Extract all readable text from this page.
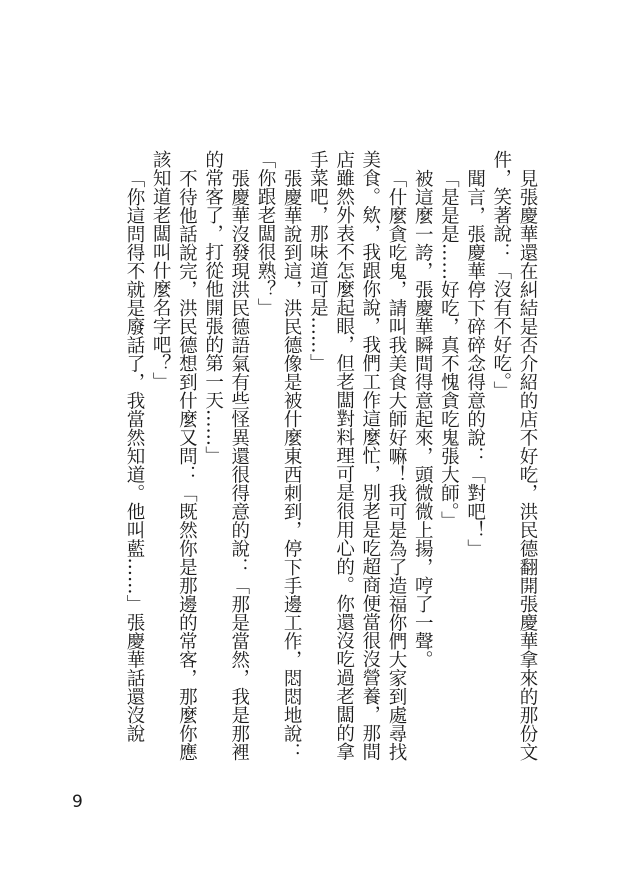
見張慶華還在糾結是否介紹的店不好吃，洪民德翻開張慶華拿來的那份文件，笑著說：「沒有不好吃。」

聞言，張慶華停下碎碎念得意的說：「對吧！」

「是是是……好吃，真不愧貪吃鬼張大師。」

被這麼一誇，張慶華瞬間得意起來，頭微微上揚，哼了一聲。

「什麼貪吃鬼，請叫我美食大師好嘛！我可是為了造福你們大家到處尋找美食。欸，我跟你說，我們工作這麼忙，別老是吃超商便當很沒營養，那間店雖然外表不怎麼起眼，但老闆對料理可是很用心的。你還沒吃過老闆的拿手菜吧，那味道可是……」

張慶華說到這，洪民德像是被什麼東西刺到，停下手邊工作，悶悶地說：「你跟老闆很熟？」

張慶華沒發現洪民德語氣有些怪異還很得意的說：「那是當然，我是那裡的常客了，打從他開張的第一天……」

不待他話說完，洪民德想到什麼又問：「既然你是那邊的常客，那麼你應該知道老闆叫什麼名字吧？」

「你這問得不就是廢話了，我當然知道。他叫藍……」張慶華話還沒說

9
